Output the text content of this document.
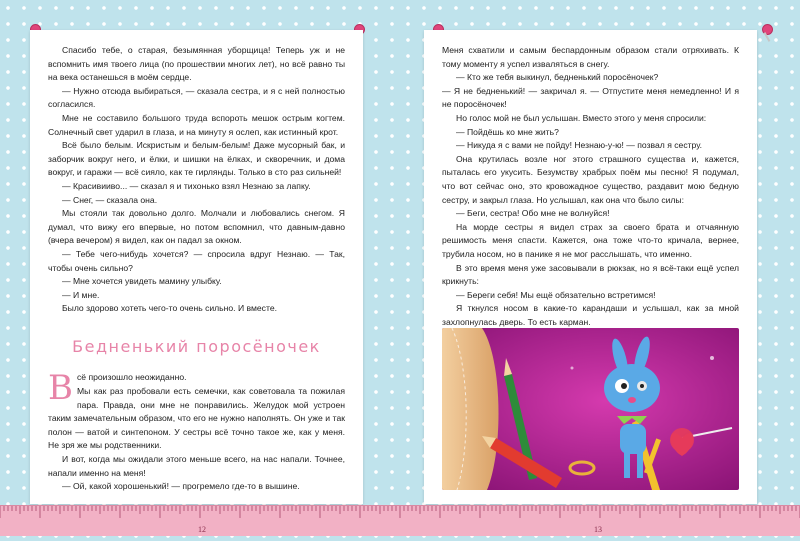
Спасибо тебе, о старая, безымянная уборщица! Теперь уж и не вспомнить имя твоего лица (по прошествии многих лет), но всё равно ты на века останешься в моём сердце.

— Нужно отсюда выбираться, — сказала сестра, и я с ней полностью согласился.

Мне не составило большого труда вспороть мешок острым когтем. Солнечный свет ударил в глаза, и на минуту я ослеп, как истинный крот.

Всё было белым. Искристым и белым-белым! Даже мусорный бак, и заборчик вокруг него, и ёлки, и шишки на ёлках, и скворечник, и дома вокруг, и гаражи — всё сияло, как те гирлянды. Только в сто раз сильней!

— Красивииво... — сказал я и тихонько взял Незнаю за лапку.

— Снег, — сказала она.

Мы стояли так довольно долго. Молчали и любовались снегом. Я думал, что вижу его впервые, но потом вспомнил, что давным-давно (вчера вечером) я видел, как он падал за окном.

— Тебе чего-нибудь хочется? — спросила вдруг Незнаю. — Так, чтобы очень сильно?

— Мне хочется увидеть мамину улыбку.

— И мне.

Было здорово хотеть чего-то очень сильно. И вместе.

Бедненький поросёночек

Всё произошло неожиданно.

Мы как раз пробовали есть семечки, как советовала та пожилая пара. Правда, они мне не понравились. Желудок мой устроен таким замечательным образом, что его не нужно наполнять. Он уже и так полон — ватой и синтепоном. У сестры всё точно такое же, как у меня. Не зря же мы родственники.

И вот, когда мы ожидали этого меньше всего, на нас напали. Точнее, напали именно на меня!

— Ой, какой хорошенький! — прогремело где-то в вышине.

Меня схватили и самым беспардонным образом стали отряхивать. К тому моменту я успел изваляться в снегу.

— Кто же тебя выкинул, бедненький поросёночек?

— Я не бедненький! — закричал я. — Отпустите меня немедленно! И я не поросёночек!

Но голос мой не был услышан. Вместо этого у меня спросили:

— Пойдёшь ко мне жить?

— Никуда я с вами не пойду! Незнаю-у-ю! — позвал я сестру.

Она крутилась возле ног этого страшного существа и, кажется, пыталась его укусить. Безумству храбрых поём мы песню! Я подумал, что вот сейчас оно, это кровожадное существо, раздавит мою бедную сестру, и закрыл глаза. Но услышал, как она что было силы:

— Беги, сестра! Обо мне не волнуйся!

На морде сестры я видел страх за своего брата и отчаянную решимость меня спасти. Кажется, она тоже что-то кричала, вернее, трубила носом, но в панике я не мог расслышать, что именно.

В это время меня уже засовывали в рюкзак, но я всё-таки ещё успел крикнуть:

— Береги себя! Мы ещё обязательно встретимся!

Я ткнулся носом в какие-то карандаши и услышал, как за мной захлопнулась дверь. То есть карман.

12	13
